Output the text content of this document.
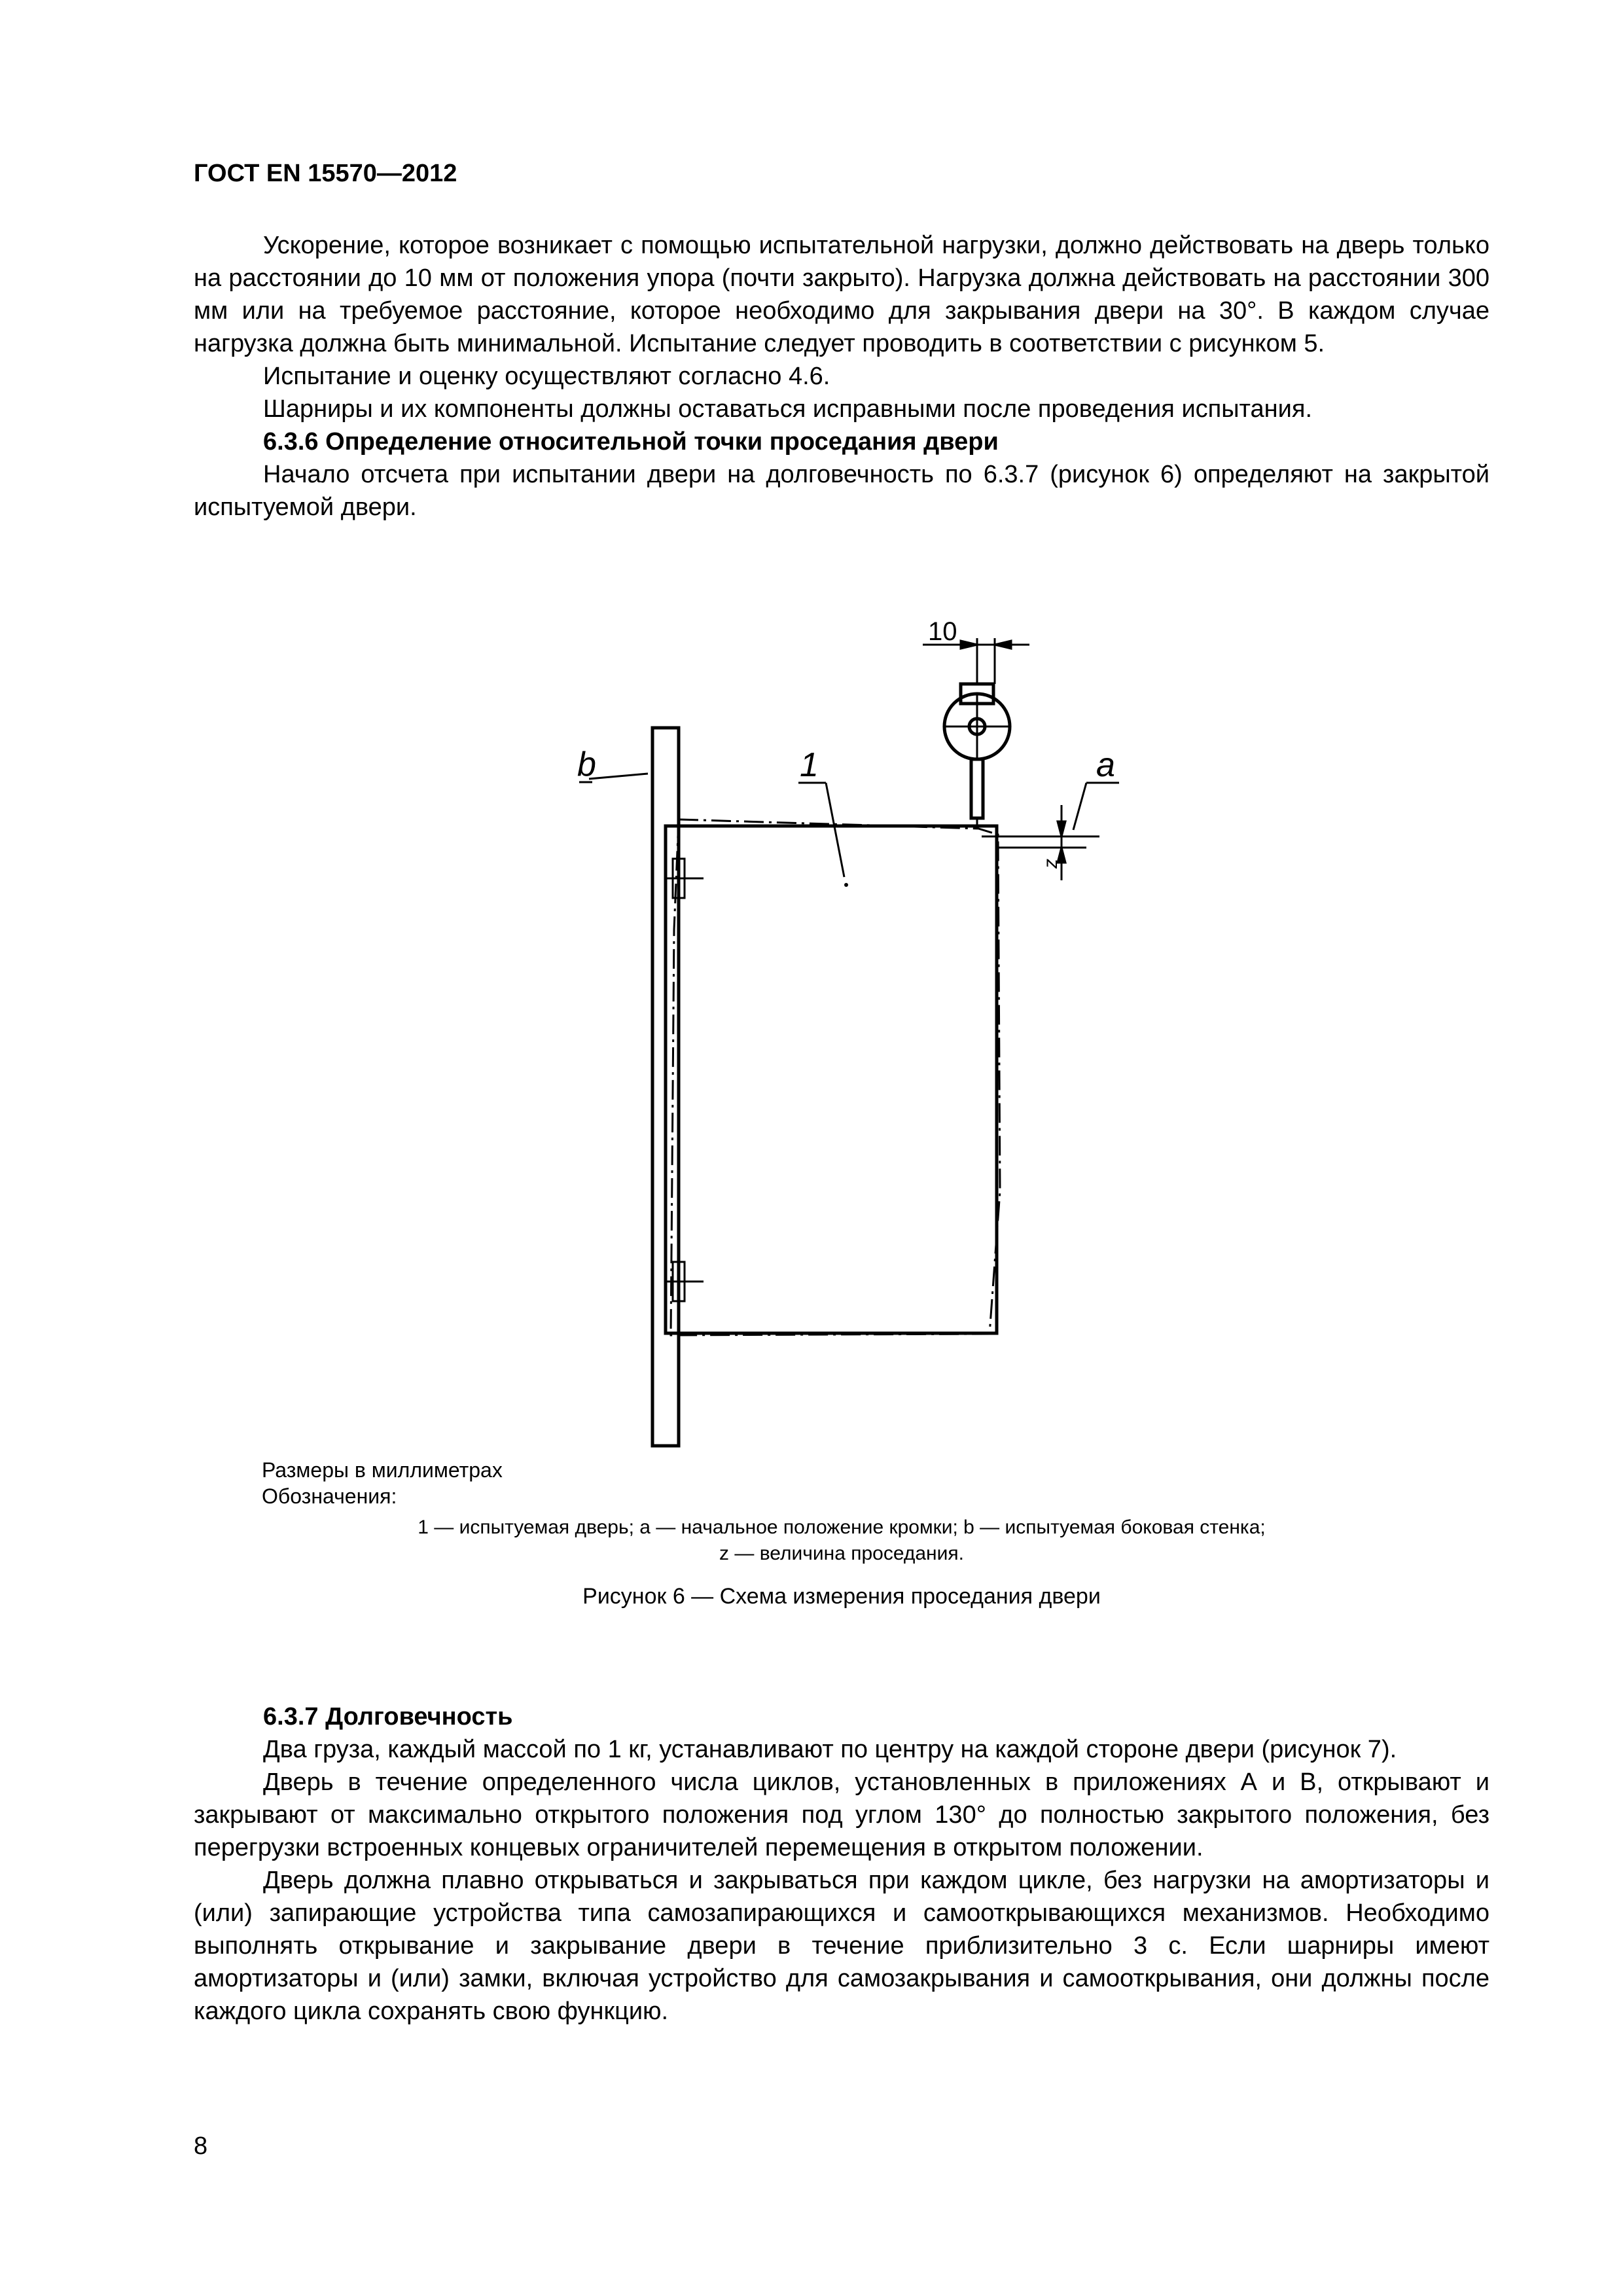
ГОСТ EN 15570—2012

Ускорение, которое возникает с помощью испытательной нагрузки, должно действовать на дверь только на расстоянии до 10 мм от положения упора (почти закрыто). Нагрузка должна действовать на расстоянии 300 мм или на требуемое расстояние, которое необходимо для закрывания двери на 30°. В каждом случае нагрузка должна быть минимальной. Испытание следует проводить в соответствии с рисунком 5.

Испытание и оценку осуществляют согласно 4.6.

Шарниры и их компоненты должны оставаться исправными после проведения испытания.

6.3.6 Определение относительной точки проседания двери

Начало отсчета при испытании двери на долговечность по 6.3.7 (рисунок 6) определяют на закрытой испытуемой двери.

10
b	1	a
z
Размеры в миллиметрах
Обозначения:
1 — испытуемая дверь; a — начальное положение кромки; b — испытуемая боковая стенка;
z — величина проседания.
Рисунок 6 — Схема измерения проседания двери

6.3.7 Долговечность

Два груза, каждый массой по 1 кг, устанавливают по центру на каждой стороне двери (рисунок 7).

Дверь в течение определенного числа циклов, установленных в приложениях А и В, открывают и закрывают от максимально открытого положения под углом 130° до полностью закрытого положения, без перегрузки встроенных концевых ограничителей перемещения в открытом положении.

Дверь должна плавно открываться и закрываться при каждом цикле, без нагрузки на амортизаторы и (или) запирающие устройства типа самозапирающихся и самооткрывающихся механизмов. Необходимо выполнять открывание и закрывание двери в течение приблизительно 3 с. Если шарниры имеют амортизаторы и (или) замки, включая устройство для самозакрывания и самооткрывания, они должны после каждого цикла сохранять свою функцию.

8
